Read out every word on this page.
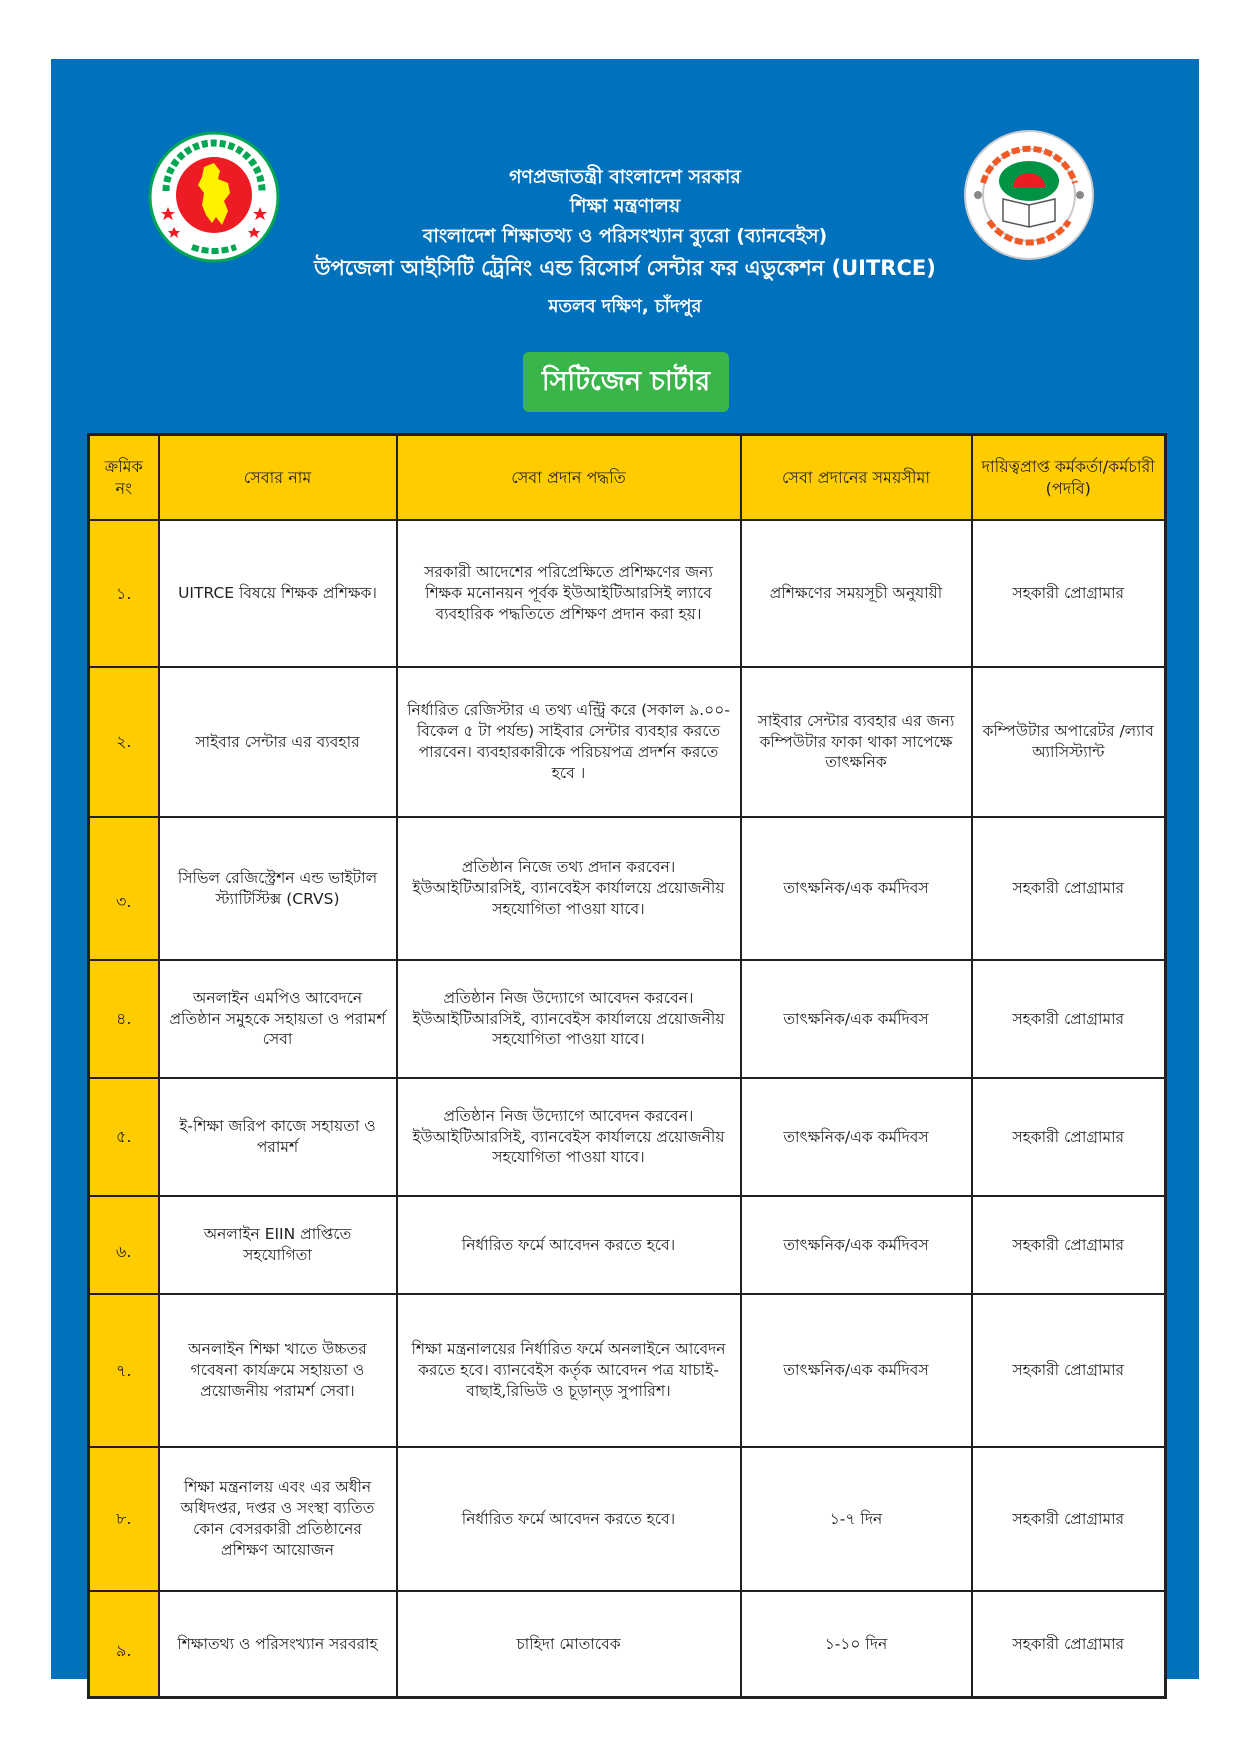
গণপ্রজাতন্ত্রী বাংলাদেশ সরকার
শিক্ষা মন্ত্রণালয়
বাংলাদেশ শিক্ষাতথ্য ও পরিসংখ্যান ব্যুরো (ব্যানবেইস)
উপজেলা আইসিটি ট্রেনিং এন্ড রিসোর্স সেন্টার ফর এডুকেশন (UITRCE)
মতলব দক্ষিণ, চাঁদপুর
সিটিজেন চার্টার
ক্রমিক নং	সেবার নাম	সেবা প্রদান পদ্ধতি	সেবা প্রদানের সময়সীমা	দায়িত্বপ্রাপ্ত কর্মকর্তা/কর্মচারী (পদবি)
১.	UITRCE বিষয়ে শিক্ষক প্রশিক্ষক।	সরকারী আদেশের পরিপ্রেক্ষিতে প্রশিক্ষণের জন্য শিক্ষক মনোনয়ন পূর্বক ইউআইটিআরসিই ল্যাবে ব্যবহারিক পদ্ধতিতে প্রশিক্ষণ প্রদান করা হয়।	প্রশিক্ষণের সময়সূচী অনুযায়ী	সহকারী প্রোগ্রামার
২.	সাইবার সেন্টার এর ব্যবহার	নির্ধারিত রেজিস্টার এ তথ্য এন্ট্রি করে (সকাল ৯.০০-বিকেল ৫ টা পর্যন্ড) সাইবার সেন্টার ব্যবহার করতে পারবেন। ব্যবহারকারীকে পরিচয়পত্র প্রদর্শন করতে হবে ।	সাইবার সেন্টার ব্যবহার এর জন্য কম্পিউটার ফাকা থাকা সাপেক্ষে তাৎক্ষনিক	কম্পিউটার অপারেটর /ল্যাব অ্যাসিস্ট্যান্ট
৩.	সিভিল রেজিস্ট্রেশন এন্ড ভাইটাল স্ট্যাটিস্টিক্স (CRVS)	প্রতিষ্ঠান নিজে তথ্য প্রদান করবেন। ইউআইটিআরসিই, ব্যানবেইস কার্যালয়ে প্রয়োজনীয় সহযোগিতা পাওয়া যাবে।	তাৎক্ষনিক/এক কর্মদিবস	সহকারী প্রোগ্রামার
৪.	অনলাইন এমপিও আবেদনে প্রতিষ্ঠান সমুহকে সহায়তা ও পরামর্শ সেবা	প্রতিষ্ঠান নিজ উদ্যোগে আবেদন করবেন। ইউআইটিআরসিই, ব্যানবেইস কার্যালয়ে প্রয়োজনীয় সহযোগিতা পাওয়া যাবে।	তাৎক্ষনিক/এক কর্মদিবস	সহকারী প্রোগ্রামার
৫.	ই-শিক্ষা জরিপ কাজে সহায়তা ও পরামর্শ	প্রতিষ্ঠান নিজ উদ্যোগে আবেদন করবেন। ইউআইটিআরসিই, ব্যানবেইস কার্যালয়ে প্রয়োজনীয় সহযোগিতা পাওয়া যাবে।	তাৎক্ষনিক/এক কর্মদিবস	সহকারী প্রোগ্রামার
৬.	অনলাইন EIIN প্রাপ্তিতে সহযোগিতা	নির্ধারিত ফর্মে আবেদন করতে হবে।	তাৎক্ষনিক/এক কর্মদিবস	সহকারী প্রোগ্রামার
৭.	অনলাইন শিক্ষা খাতে উচ্চতর গবেষনা কার্যক্রমে সহায়তা ও প্রয়োজনীয় পরামর্শ সেবা।	শিক্ষা মন্ত্রনালয়ের নির্ধারিত ফর্মে অনলাইনে আবেদন করতে হবে। ব্যানবেইস কর্তৃক আবেদন পত্র যাচাই-বাছাই,রিভিউ ও চূড়ান্ড় সুপারিশ।	তাৎক্ষনিক/এক কর্মদিবস	সহকারী প্রোগ্রামার
৮.	শিক্ষা মন্ত্রনালয় এবং এর অধীন অধিদপ্তর, দপ্তর ও সংস্থা ব্যতিত কোন বেসরকারী প্রতিষ্ঠানের প্রশিক্ষণ আয়োজন	নির্ধারিত ফর্মে আবেদন করতে হবে।	১-৭ দিন	সহকারী প্রোগ্রামার
৯.	শিক্ষাতথ্য ও পরিসংখ্যান সরবরাহ	চাহিদা মোতাবেক	১-১০ দিন	সহকারী প্রোগ্রামার
